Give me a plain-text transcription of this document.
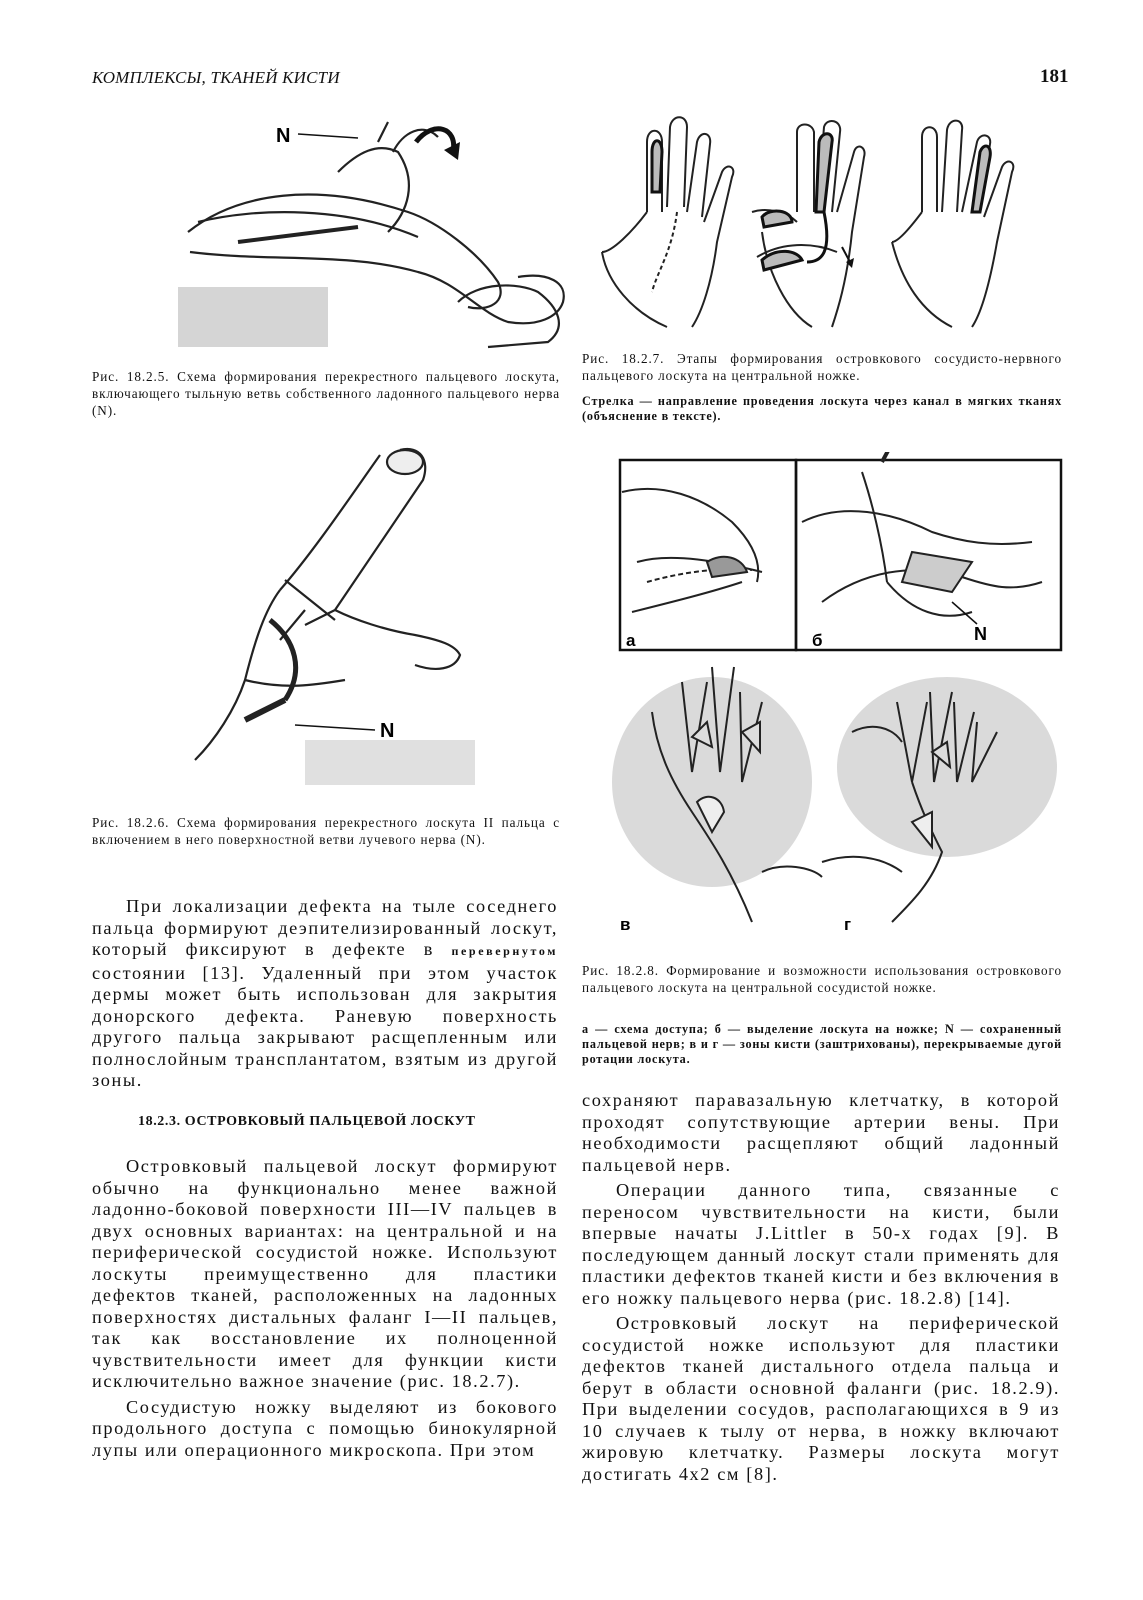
КОМПЛЕКСЫ, ТКАНЕЙ КИСТИ	181
N
Рис. 18.2.5. Схема формирования перекрестного пальцевого лоскута, включающего тыльную ветвь собственного ладонного пальцевого нерва (N).
N
Рис. 18.2.6. Схема формирования перекрестного лоскута II пальца с включением в него поверхностной ветви лучевого нерва (N).
Рис. 18.2.7. Этапы формирования островкового сосудисто-нервного пальцевого лоскута на центральной ножке.
Стрелка — направление проведения лоскута через канал в мягких тканях (объяснение в тексте).
а	N
б
в	г
Рис. 18.2.8. Формирование и возможности использования островкового пальцевого лоскута на центральной сосудистой ножке.
а — схема доступа; б — выделение лоскута на ножке; N — сохраненный пальцевой нерв; в и г — зоны кисти (заштрихованы), перекрываемые дугой ротации лоскута.

При локализации дефекта на тыле соседнего пальца формируют деэпителизированный лоскут, который фиксируют в дефекте в перевернутом состоянии [13]. Удаленный при этом участок дермы может быть использован для закрытия донорского дефекта. Раневую поверхность другого пальца закрывают расщепленным или полнослойным трансплантатом, взятым из другой зоны.

18.2.3. ОСТРОВКОВЫЙ ПАЛЬЦЕВОЙ ЛОСКУТ

Островковый пальцевой лоскут формируют обычно на функционально менее важной ладонно-боковой поверхности III—IV пальцев в двух основных вариантах: на центральной и на периферической сосудистой ножке. Используют лоскуты преимущественно для пластики дефектов тканей, расположенных на ладонных поверхностях дистальных фаланг I—II пальцев, так как восстановление их полноценной чувствительности имеет для функции кисти исключительно важное значение (рис. 18.2.7).

Сосудистую ножку выделяют из бокового продольного доступа с помощью бинокулярной лупы или операционного микроскопа. При этом

сохраняют паравазальную клетчатку, в которой проходят сопутствующие артерии вены. При необходимости расщепляют общий ладонный пальцевой нерв.

Операции данного типа, связанные с переносом чувствительности на кисти, были впервые начаты J.Littler в 50-х годах [9]. В последующем данный лоскут стали применять для пластики дефектов тканей кисти и без включения в его ножку пальцевого нерва (рис. 18.2.8) [14].

Островковый лоскут на периферической сосудистой ножке используют для пластики дефектов тканей дистального отдела пальца и берут в области основной фаланги (рис. 18.2.9). При выделении сосудов, располагающихся в 9 из 10 случаев к тылу от нерва, в ножку включают жировую клетчатку. Размеры лоскута могут достигать 4х2 см [8].
